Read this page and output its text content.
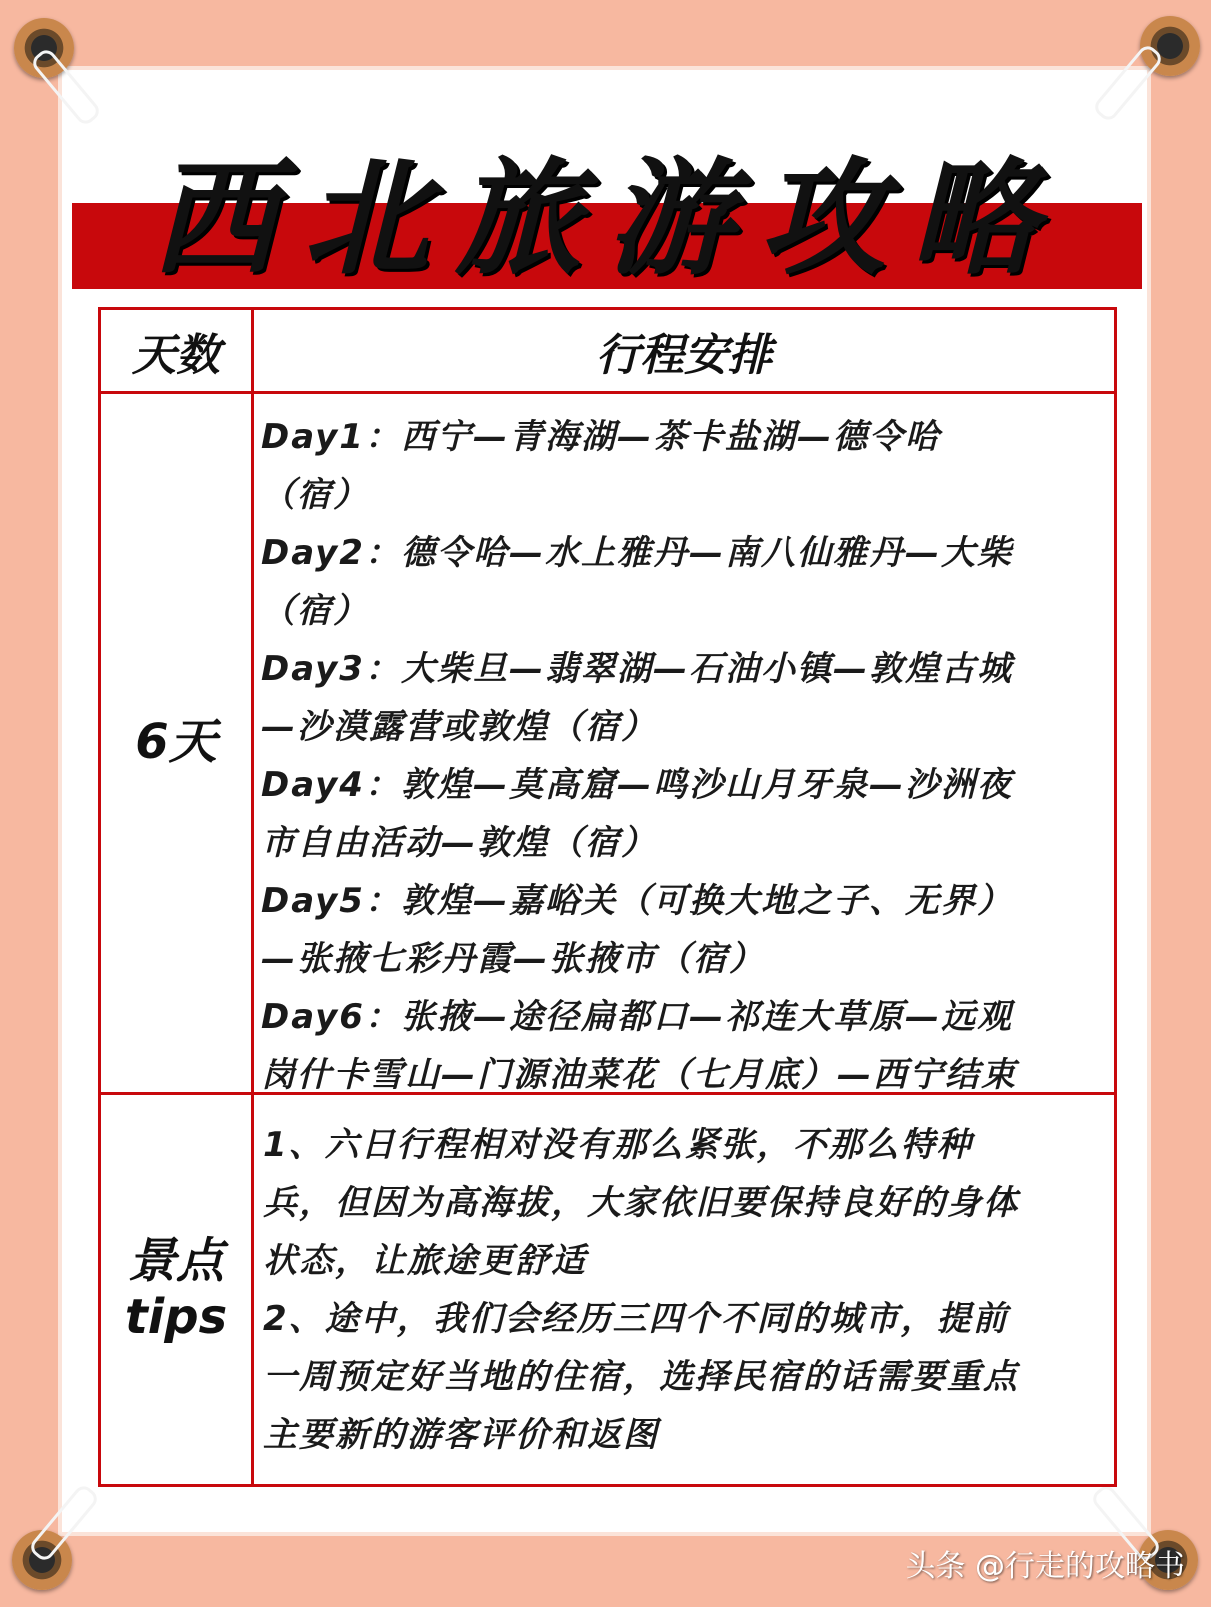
西北旅游攻略
天数	行程安排
6天
Day1：西宁—青海湖—茶卡盐湖—德令哈
（宿）
Day2：德令哈—水上雅丹—南八仙雅丹—大柴
（宿）
Day3：大柴旦—翡翠湖—石油小镇—敦煌古城
—沙漠露营或敦煌（宿）
Day4：敦煌—莫高窟—鸣沙山月牙泉—沙洲夜
市自由活动—敦煌（宿）
Day5：敦煌—嘉峪关（可换大地之子、无界）
—张掖七彩丹霞—张掖市（宿）
Day6：张掖—途径扁都口—祁连大草原—远观
岗什卡雪山—门源油菜花（七月底）—西宁结束
景点
tips
1、六日行程相对没有那么紧张，不那么特种
兵，但因为高海拔，大家依旧要保持良好的身体
状态，让旅途更舒适
2、途中，我们会经历三四个不同的城市，提前
一周预定好当地的住宿，选择民宿的话需要重点
主要新的游客评价和返图
头条 @行走的攻略书
